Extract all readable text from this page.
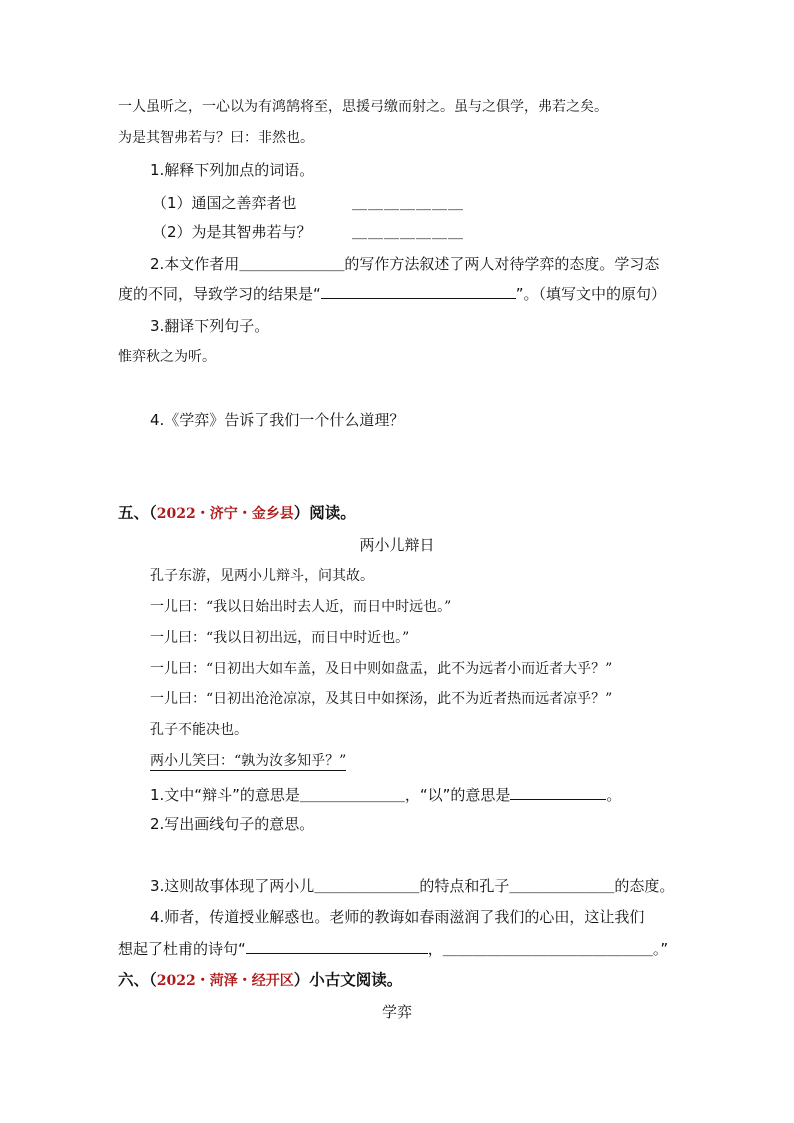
一人虽听之，一心以为有鸿鹄将至，思援弓缴而射之。虽与之俱学，弗若之矣。
为是其智弗若与？曰：非然也。
1.解释下列加点的词语。
（1）通国之善弈者也	＿＿＿＿＿＿＿
（2）为是其智弗若与？	＿＿＿＿＿＿＿
2.本文作者用＿＿＿＿＿＿＿的写作方法叙述了两人对待学弈的态度。学习态
度的不同，导致学习的结果是“	”。（填写文中的原句）
3.翻译下列句子。
惟弈秋之为听。
4.《学弈》告诉了我们一个什么道理？
五、（2022・济宁・金乡县）阅读。
两小儿辩日
孔子东游，见两小儿辩斗，问其故。
一儿曰：“我以日始出时去人近，而日中时远也。”
一儿曰：“我以日初出远，而日中时近也。”
一儿曰：“日初出大如车盖，及日中则如盘盂，此不为远者小而近者大乎？”
一儿曰：“日初出沧沧凉凉，及其日中如探汤，此不为近者热而远者凉乎？”
孔子不能决也。
两小儿笑曰：“孰为汝多知乎？”
1.文中“辩斗”的意思是＿＿＿＿＿＿＿，“以”的意思是	。
2.写出画线句子的意思。
3.这则故事体现了两小儿＿＿＿＿＿＿＿的特点和孔子＿＿＿＿＿＿＿的态度。
4.师者，传道授业解惑也。老师的教诲如春雨滋润了我们的心田，这让我们
想起了杜甫的诗句“	，＿＿＿＿＿＿＿＿＿＿＿＿＿＿。”
六、（2022・菏泽・经开区）小古文阅读。
学弈
